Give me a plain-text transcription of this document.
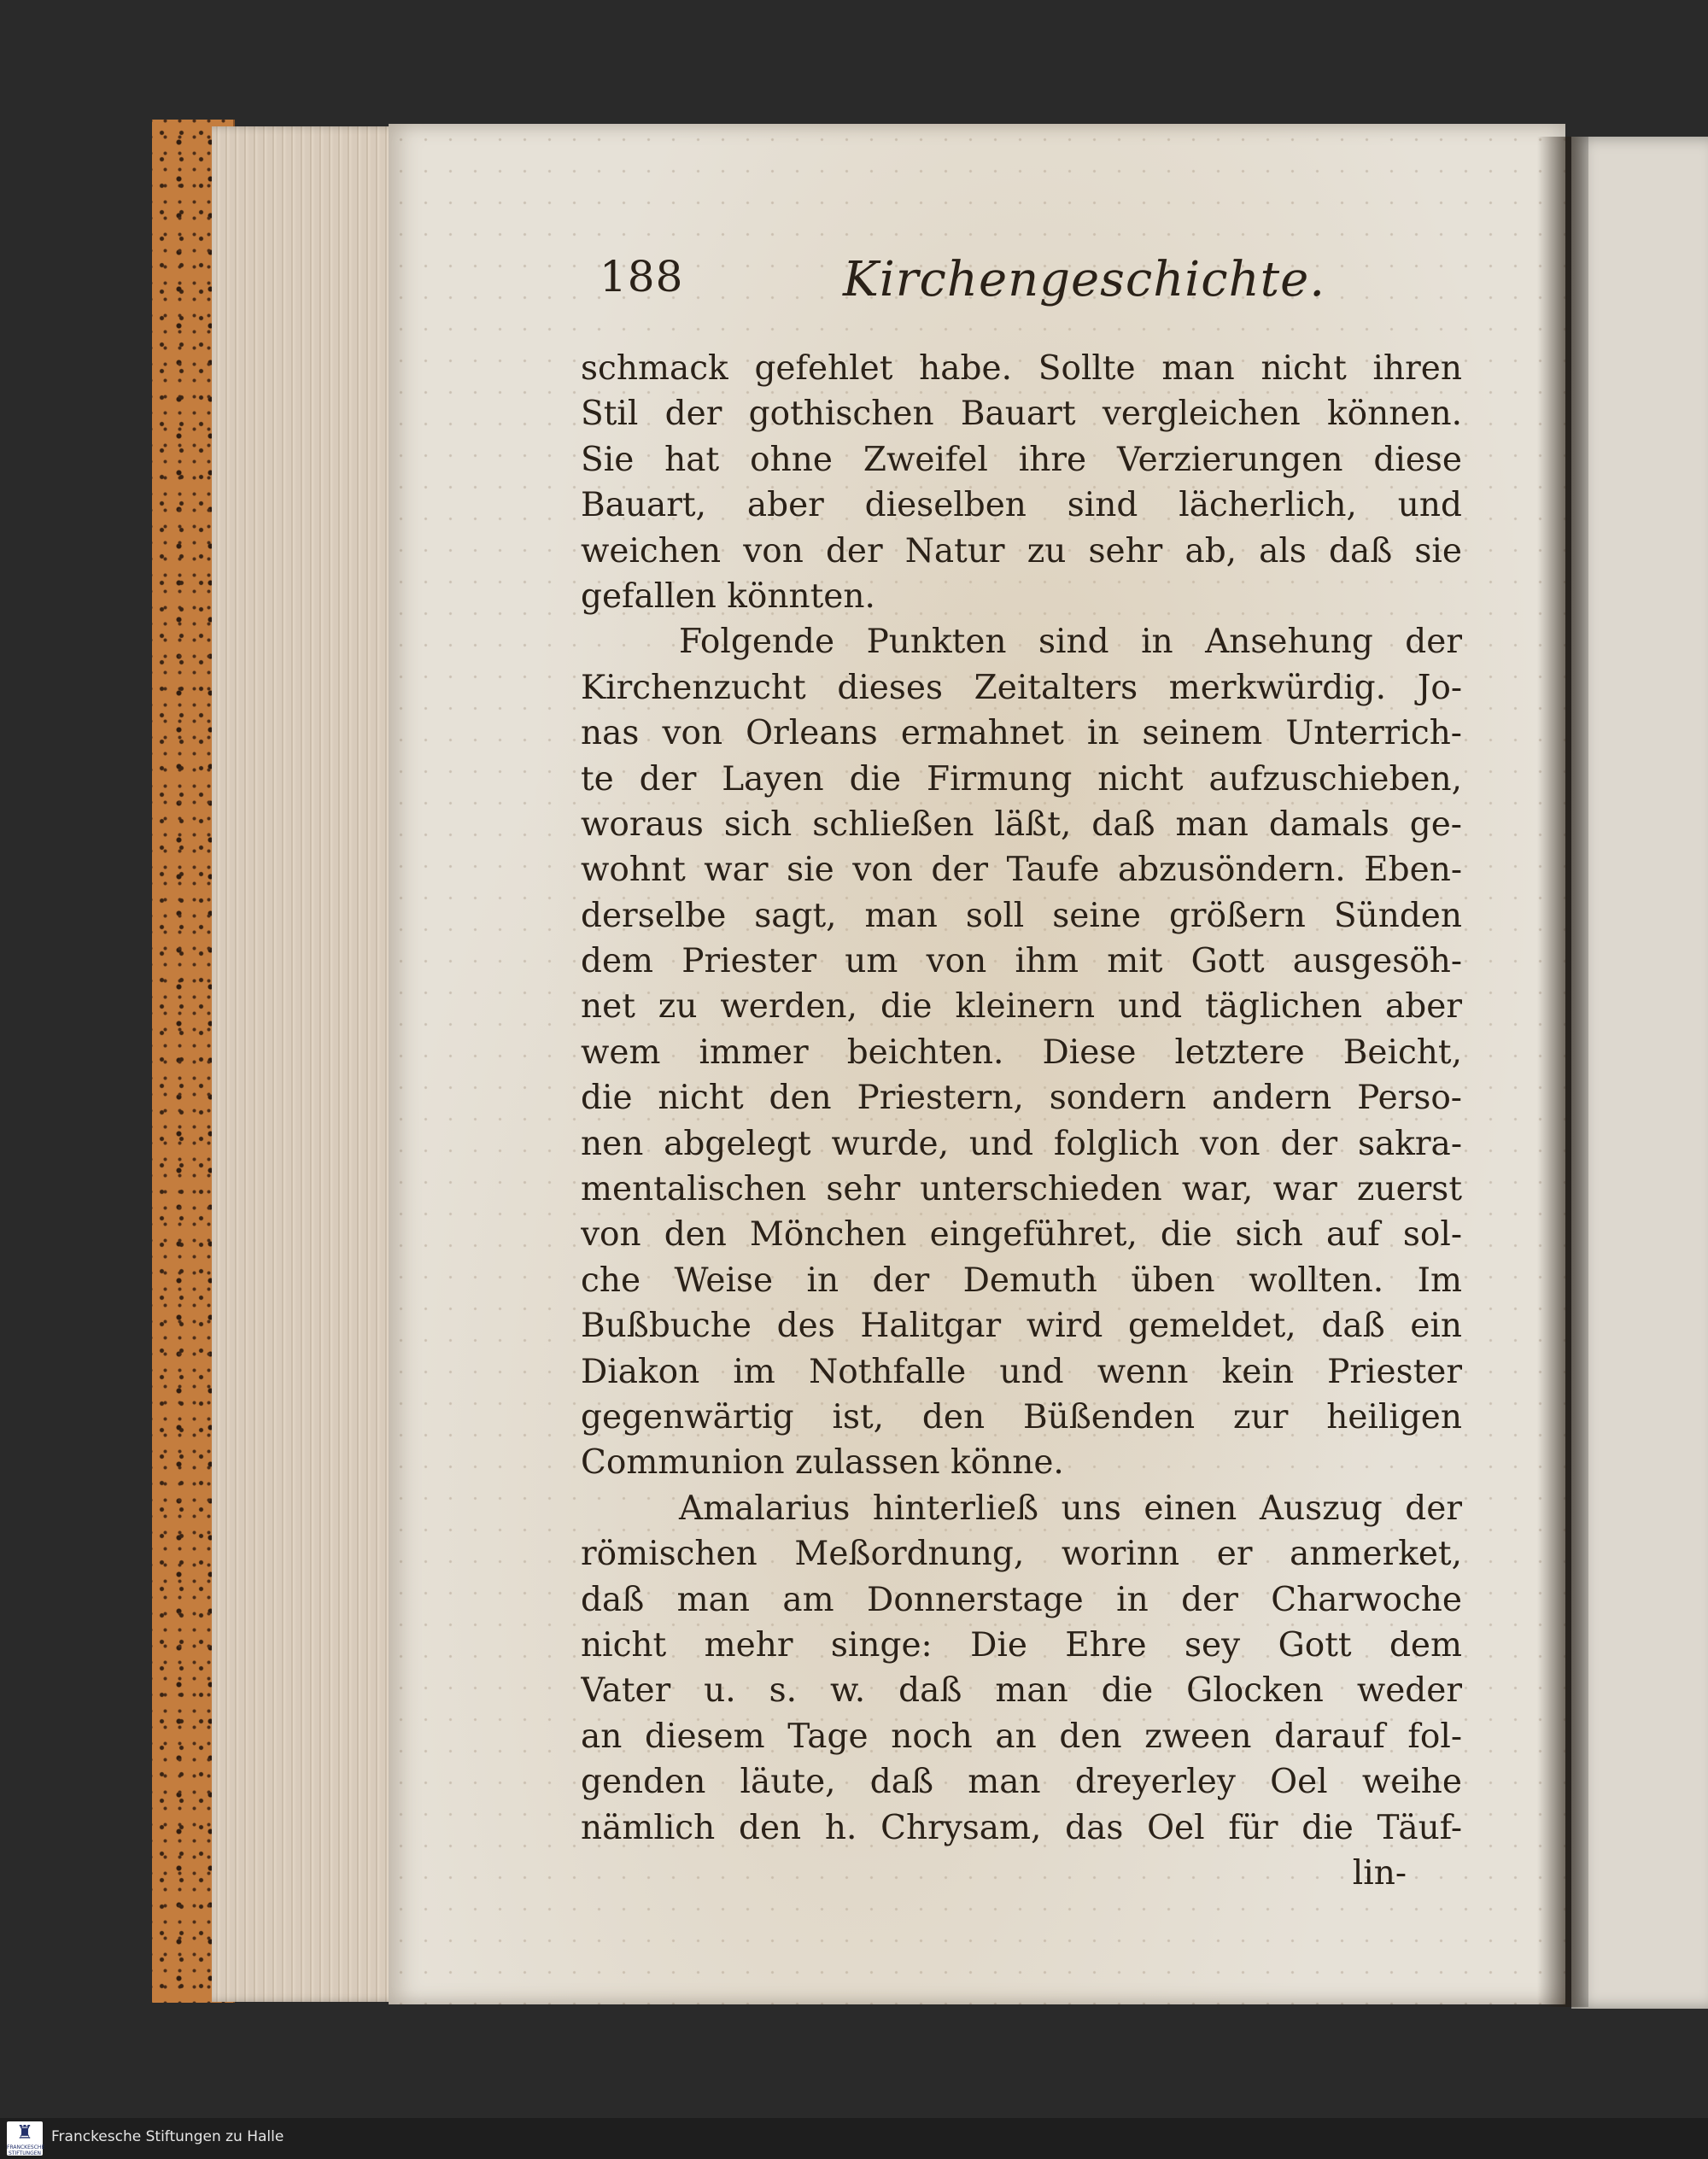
188	Kirchengeschichte.
schmack gefehlet habe. Sollte man nicht ihren
Stil der gothischen Bauart vergleichen können.
Sie hat ohne Zweifel ihre Verzierungen diese
Bauart, aber dieselben sind lächerlich, und
weichen von der Natur zu sehr ab, als daß sie
gefallen könnten.
Folgende Punkten sind in Ansehung der
Kirchenzucht dieses Zeitalters merkwürdig. Jo-
nas von Orleans ermahnet in seinem Unterrich-
te der Layen die Firmung nicht aufzuschieben,
woraus sich schließen läßt, daß man damals ge-
wohnt war sie von der Taufe abzusöndern. Eben-
derselbe sagt, man soll seine größern Sünden
dem Priester um von ihm mit Gott ausgesöh-
net zu werden, die kleinern und täglichen aber
wem immer beichten. Diese letztere Beicht,
die nicht den Priestern, sondern andern Perso-
nen abgelegt wurde, und folglich von der sakra-
mentalischen sehr unterschieden war, war zuerst
von den Mönchen eingeführet, die sich auf sol-
che Weise in der Demuth üben wollten. Im
Bußbuche des Halitgar wird gemeldet, daß ein
Diakon im Nothfalle und wenn kein Priester
gegenwärtig ist, den Büßenden zur heiligen
Communion zulassen könne.
Amalarius hinterließ uns einen Auszug der
römischen Meßordnung, worinn er anmerket,
daß man am Donnerstage in der Charwoche
nicht mehr singe: Die Ehre sey Gott dem
Vater u. s. w. daß man die Glocken weder
an diesem Tage noch an den zween darauf fol-
genden läute, daß man dreyerley Oel weihe
nämlich den h. Chrysam, das Oel für die Täuf-
lin-
♜
FRANCKESCHE STIFTUNGEN
Franckesche Stiftungen zu Halle
